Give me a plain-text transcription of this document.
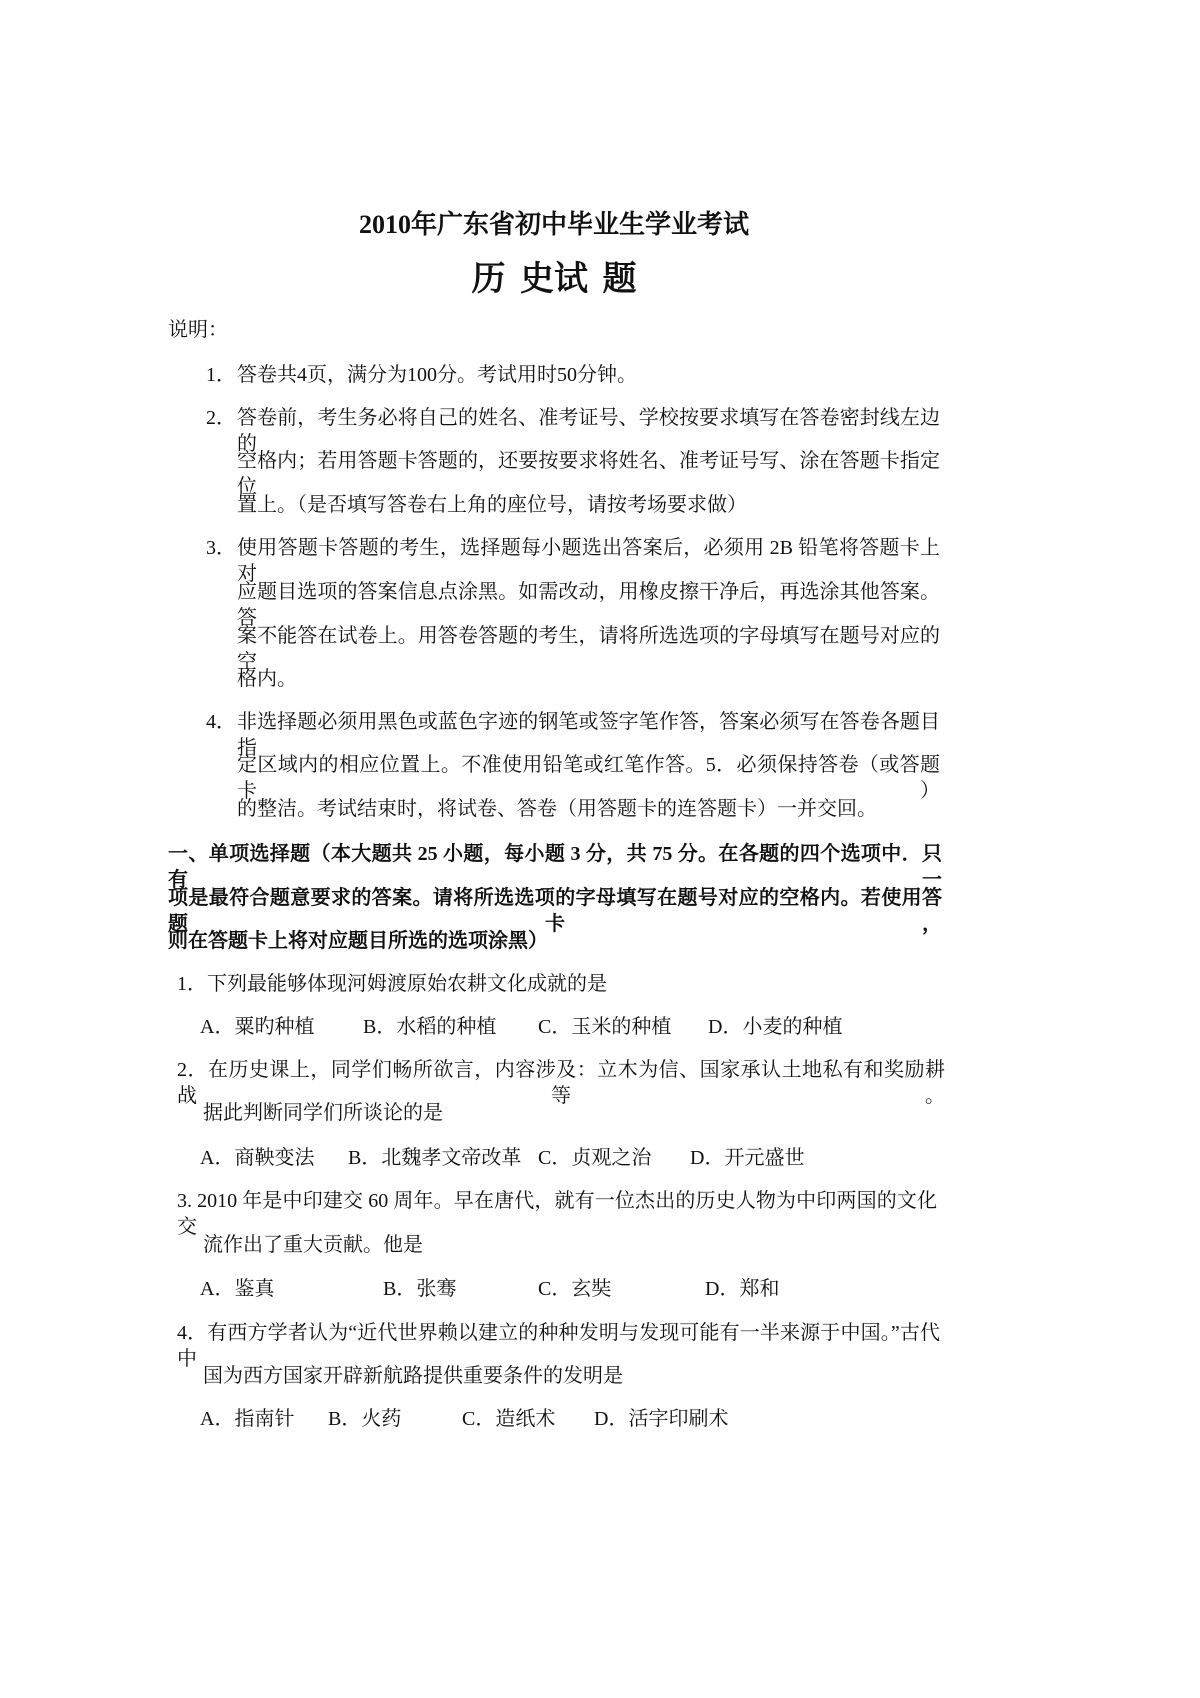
2010年广东省初中毕业生学业考试
历 史试 题
说明：
1． 答卷共4页，满分为100分。考试用时50分钟。
2． 答卷前，考生务必将自己的姓名、准考证号、学校按要求填写在答卷密封线左边的
空格内；若用答题卡答题的，还要按要求将姓名、准考证号写、涂在答题卡指定位
置上。（是否填写答卷右上角的座位号，请按考场要求做）
3． 使用答题卡答题的考生，选择题每小题选出答案后，必须用 2B 铅笔将答题卡上对
应题目选项的答案信息点涂黑。如需改动，用橡皮擦干净后，再选涂其他答案。答
案不能答在试卷上。用答卷答题的考生，请将所选选项的字母填写在题号对应的空
格内。
4． 非选择题必须用黑色或蓝色字迹的钢笔或签字笔作答，答案必须写在答卷各题目指
定区域内的相应位置上。不准使用铅笔或红笔作答。5．必须保持答卷（或答题卡）
的整洁。考试结束时，将试卷、答卷（用答题卡的连答题卡）一并交回。
一、单项选择题（本大题共 25 小题，每小题 3 分，共 75 分。在各题的四个选项中．只有一
项是最符合题意要求的答案。请将所选选项的字母填写在题号对应的空格内。若使用答题卡，
则在答题卡上将对应题目所选的选项涂黑）
1．下列最能够体现河姆渡原始农耕文化成就的是
A．粟旳种植 B．水稻的种植 C．玉米的种植 D．小麦的种植
2．在历史课上，同学们畅所欲言，内容涉及：立木为信、国家承认土地私有和奖励耕战等。
据此判断同学们所谈论的是
A．商鞅变法 B．北魏孝文帝改革 C．贞观之治 D．开元盛世
3. 2010 年是中印建交 60 周年。早在唐代，就有一位杰出的历史人物为中印两国的文化交
流作出了重大贡献。他是
A．鉴真	B．张骞	C．玄奘	D．郑和
4．有西方学者认为“近代世界赖以建立的种种发明与发现可能有一半来源于中国。”古代中
国为西方国家开辟新航路提供重要条件的发明是
A．指南针 B．火药	C．造纸术 D．活字印刷术
